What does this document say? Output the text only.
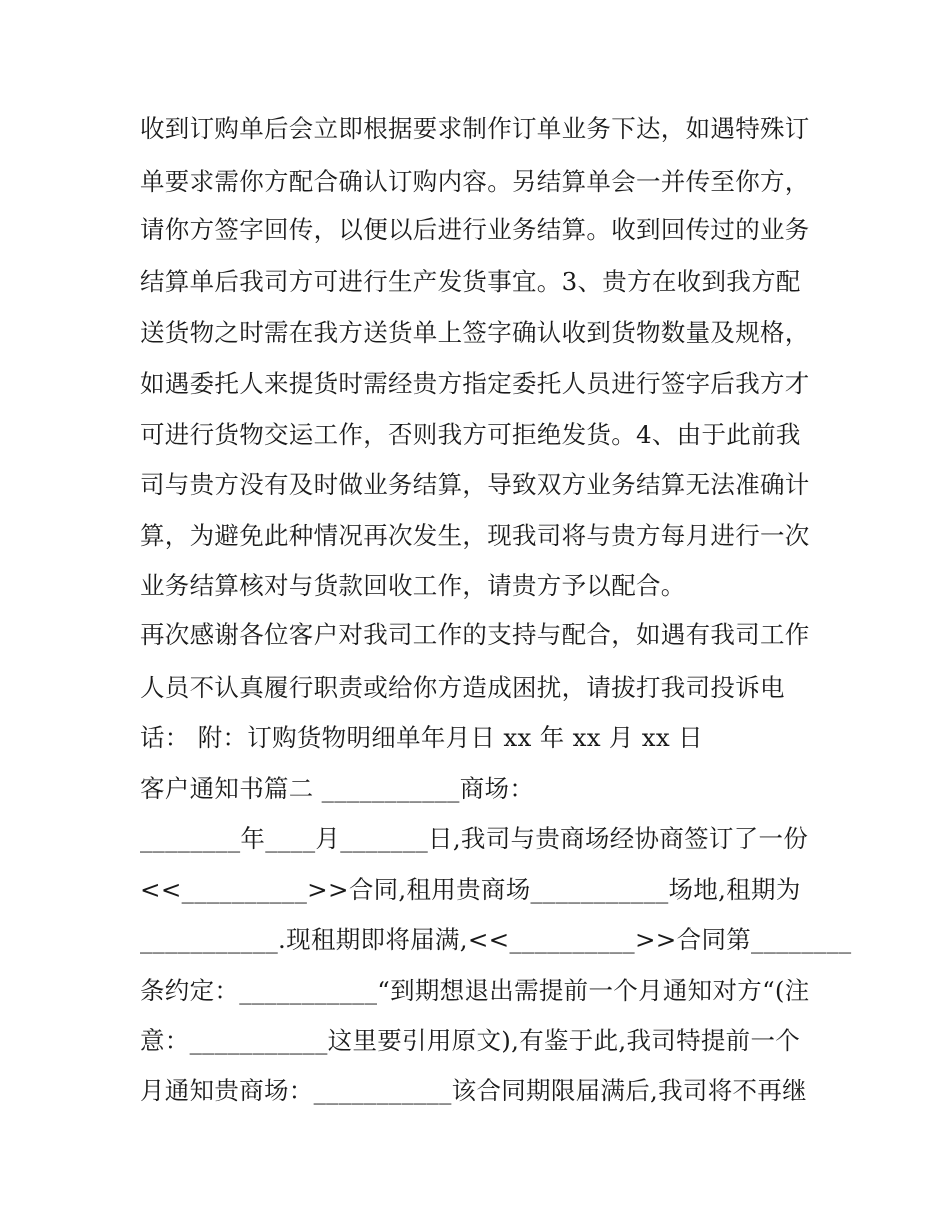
收到订购单后会立即根据要求制作订单业务下达，如遇特殊订
单要求需你方配合确认订购内容。另结算单会一并传至你方，
请你方签字回传，以便以后进行业务结算。收到回传过的业务
结算单后我司方可进行生产发货事宜。3、贵方在收到我方配
送货物之时需在我方送货单上签字确认收到货物数量及规格，
如遇委托人来提货时需经贵方指定委托人员进行签字后我方才
可进行货物交运工作，否则我方可拒绝发货。4、由于此前我
司与贵方没有及时做业务结算，导致双方业务结算无法准确计
算，为避免此种情况再次发生，现我司将与贵方每月进行一次
业务结算核对与货款回收工作，请贵方予以配合。
再次感谢各位客户对我司工作的支持与配合，如遇有我司工作
人员不认真履行职责或给你方造成困扰，请拔打我司投诉电
话： 附：订购货物明细单年月日 xx 年 xx 月 xx 日
客户通知书篇二 ___________商场：
________年____月_______日,我司与贵商场经协商签订了一份
<<__________>>合同,租用贵商场___________场地,租期为
___________.现租期即将届满,<<__________>>合同第________
条约定：___________“到期想退出需提前一个月通知对方“(注
意：___________这里要引用原文),有鉴于此,我司特提前一个
月通知贵商场：___________该合同期限届满后,我司将不再继
